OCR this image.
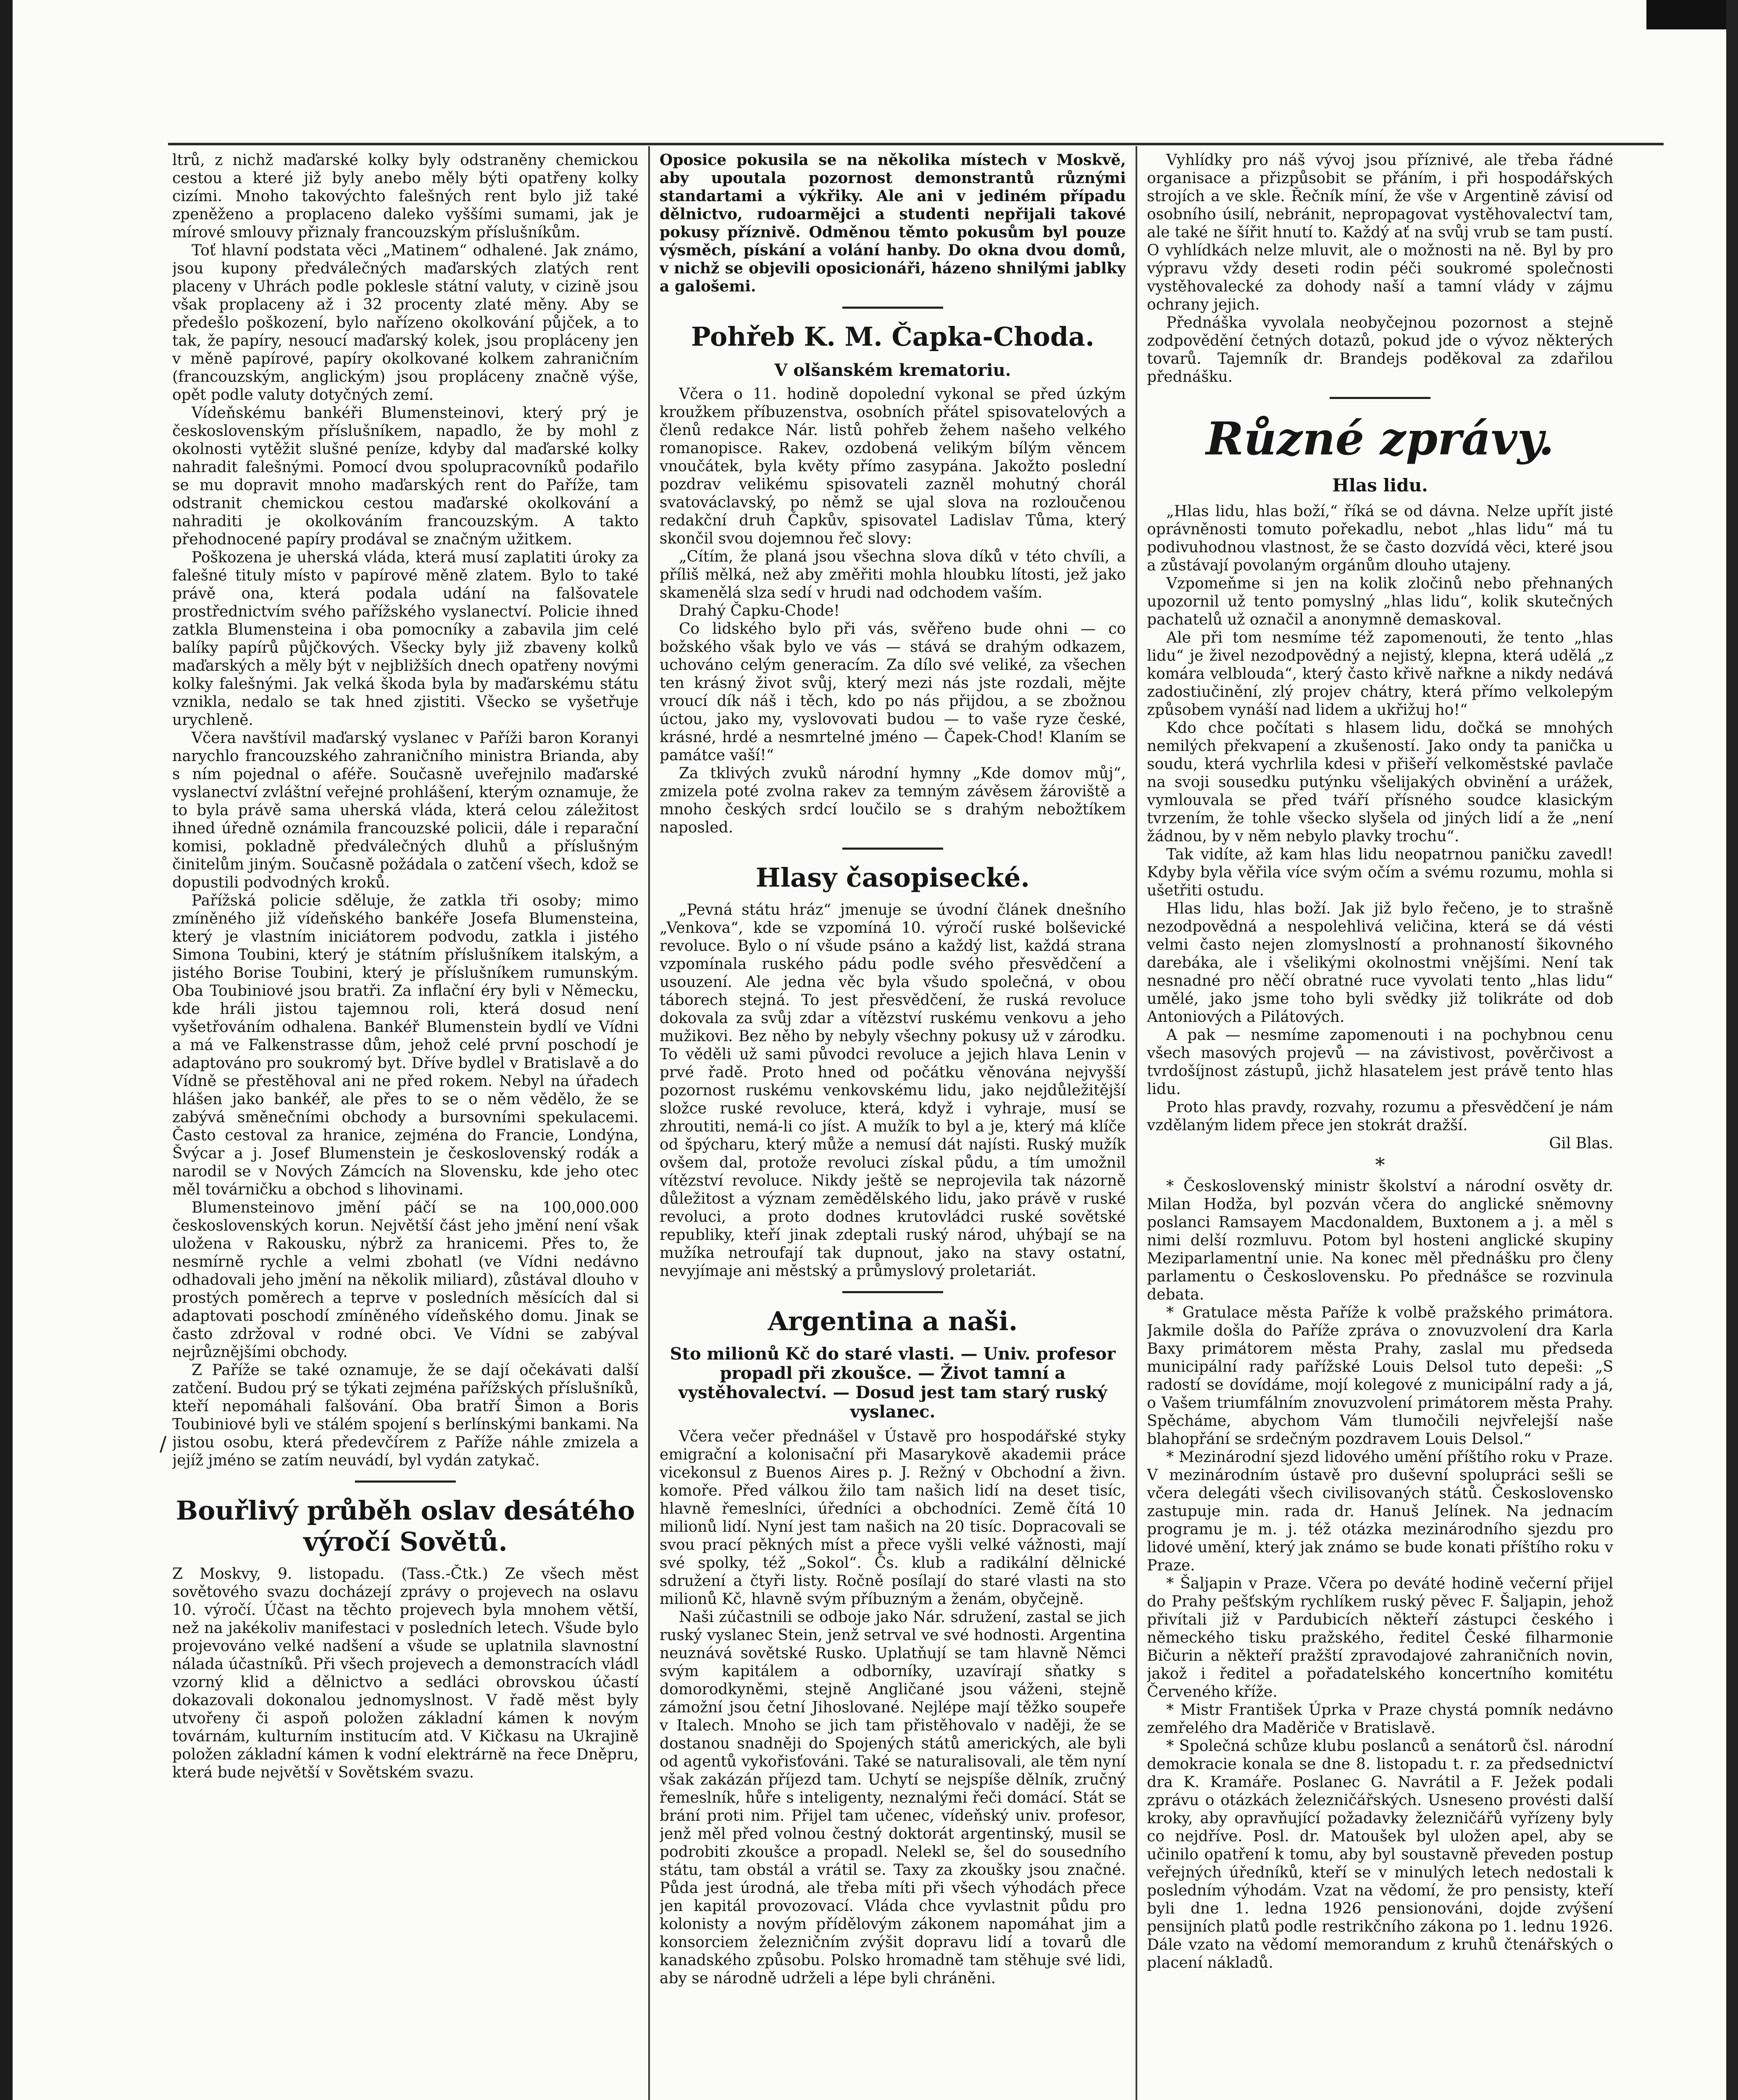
/

ltrů, z nichž maďarské kolky byly odstraněny chemickou cestou a které již byly anebo měly býti opatřeny kolky cizími. Mnoho takovýchto falešných rent bylo již také zpeněženo a proplaceno daleko vyššími sumami, jak je mírové smlouvy přiznaly francouzským příslušníkům.

Toť hlavní podstata věci „Matinem“ odhalené. Jak známo, jsou kupony předválečných maďarských zlatých rent placeny v Uhrách podle poklesle státní valuty, v cizině jsou však proplaceny až i 32 procenty zlaté měny. Aby se předešlo poškození, bylo nařízeno okolkování půjček, a to tak, že papíry, nesoucí maďarský kolek, jsou propláceny jen v měně papírové, papíry okolkované kolkem zahraničním (francouzským, anglickým) jsou propláceny značně výše, opět podle valuty dotyčných zemí.

Vídeňskému bankéři Blumensteinovi, který prý je československým příslušníkem, napadlo, že by mohl z okolnosti vytěžit slušné peníze, kdyby dal maďarské kolky nahradit falešnými. Pomocí dvou spolupracovníků podařilo se mu dopravit mnoho maďarských rent do Paříže, tam odstranit chemickou cestou maďarské okolkování a nahraditi je okolkováním francouzským. A takto přehodnocené papíry prodával se značným užitkem.

Poškozena je uherská vláda, která musí zaplatiti úroky za falešné tituly místo v papírové měně zlatem. Bylo to také právě ona, která podala udání na falšovatele prostřednictvím svého pařížského vyslanectví. Policie ihned zatkla Blumensteina i oba pomocníky a zabavila jim celé balíky papírů půjčkových. Všecky byly již zbaveny kolků maďarských a měly být v nejbližších dnech opatřeny novými kolky falešnými. Jak velká škoda byla by maďarskému státu vznikla, nedalo se tak hned zjistiti. Všecko se vyšetřuje urychleně.

Včera navštívil maďarský vyslanec v Paříži baron Koranyi narychlo francouzského zahraničního ministra Brianda, aby s ním pojednal o aféře. Současně uveřejnilo maďarské vyslanectví zvláštní veřejné prohlášení, kterým oznamuje, že to byla právě sama uherská vláda, která celou záležitost ihned úředně oznámila francouzské policii, dále i reparační komisi, pokladně předválečných dluhů a příslušným činitelům jiným. Současně požádala o zatčení všech, kdož se dopustili podvodných kroků.

Pařížská policie sděluje, že zatkla tři osoby; mimo zmíněného již vídeňského bankéře Josefa Blumensteina, který je vlastním iniciátorem podvodu, zatkla i jistého Simona Toubini, který je státním příslušníkem italským, a jistého Borise Toubini, který je příslušníkem rumunským. Oba Toubiniové jsou bratři. Za inflační éry byli v Německu, kde hráli jistou tajemnou roli, která dosud není vyšetřováním odhalena. Bankéř Blumenstein bydlí ve Vídni a má ve Falkenstrasse dům, jehož celé první poschodí je adaptováno pro soukromý byt. Dříve bydlel v Bratislavě a do Vídně se přestěhoval ani ne před rokem. Nebyl na úřadech hlášen jako bankéř, ale přes to se o něm vědělo, že se zabývá směnečními obchody a bursovními spekulacemi. Často cestoval za hranice, zejména do Francie, Londýna, Švýcar a j. Josef Blumenstein je československý rodák a narodil se v Nových Zámcích na Slovensku, kde jeho otec měl továrničku a obchod s lihovinami.

Blumensteinovo jmění páčí se na 100,000.000 československých korun. Největší část jeho jmění není však uložena v Rakousku, nýbrž za hranicemi. Přes to, že nesmírně rychle a velmi zbohatl (ve Vídni nedávno odhadovali jeho jmění na několik miliard), zůstával dlouho v prostých poměrech a teprve v posledních měsících dal si adaptovati poschodí zmíněného vídeňského domu. Jinak se často zdržoval v rodné obci. Ve Vídni se zabýval nejrůznějšími obchody.

Z Paříže se také oznamuje, že se dají očekávati další zatčení. Budou prý se týkati zejména pařížských příslušníků, kteří nepomáhali falšování. Oba bratří Šimon a Boris Toubiniové byli ve stálém spojení s berlínskými bankami. Na jistou osobu, která předevčírem z Paříže náhle zmizela a jejíž jméno se zatím neuvádí, byl vydán zatykač.

Bouřlivý průběh oslav desátého výročí Sovětů.

Z Moskvy, 9. listopadu. (Tass.-Čtk.) Ze všech měst sovětového svazu docházejí zprávy o projevech na oslavu 10. výročí. Účast na těchto projevech byla mnohem větší, než na jakékoliv manifestaci v posledních letech. Všude bylo projevováno velké nadšení a všude se uplatnila slavnostní nálada účastníků. Při všech projevech a demonstracích vládl vzorný klid a dělnictvo a sedláci obrovskou účastí dokazovali dokonalou jednomyslnost. V řadě měst byly utvořeny či aspoň položen základní kámen k novým továrnám, kulturním institucím atd. V Kičkasu na Ukrajině položen základní kámen k vodní elektrárně na řece Dněpru, která bude největší v Sovětském svazu.

Oposice pokusila se na několika místech v Moskvě, aby upoutala pozornost demonstrantů různými standartami a výkřiky. Ale ani v jediném případu dělnictvo, rudoarmějci a studenti nepřijali takové pokusy příznivě. Odměnou těmto pokusům byl pouze výsměch, pískání a volání hanby. Do okna dvou domů, v nichž se objevili oposicionáři, házeno shnilými jablky a galošemi.

Pohřeb K. M. Čapka-Choda.
V olšanském krematoriu.

Včera o 11. hodině dopolední vykonal se před úzkým kroužkem příbuzenstva, osobních přátel spisovatelových a členů redakce Nár. listů pohřeb žehem našeho velkého romanopisce. Rakev, ozdobená velikým bílým věncem vnoučátek, byla květy přímo zasypána. Jakožto poslední pozdrav velikému spisovateli zazněl mohutný chorál svatováclavský, po němž se ujal slova na rozloučenou redakční druh Čapkův, spisovatel Ladislav Tůma, který skončil svou dojemnou řeč slovy:

„Cítím, že planá jsou všechna slova díků v této chvíli, a příliš mělká, než aby změřiti mohla hloubku lítosti, jež jako skamenělá slza sedí v hrudi nad odchodem vaším.

Drahý Čapku-Chode!

Co lidského bylo při vás, svěřeno bude ohni — co božského však bylo ve vás — stává se drahým odkazem, uchováno celým generacím. Za dílo své veliké, za všechen ten krásný život svůj, který mezi nás jste rozdali, mějte vroucí dík náš i těch, kdo po nás přijdou, a se zbožnou úctou, jako my, vyslovovati budou — to vaše ryze české, krásné, hrdé a nesmrtelné jméno — Čapek-Chod! Klaním se památce vaší!“

Za tklivých zvuků národní hymny „Kde domov můj“, zmizela poté zvolna rakev za temným závěsem žároviště a mnoho českých srdcí loučilo se s drahým nebožtíkem naposled.

Hlasy časopisecké.

„Pevná státu hráz“ jmenuje se úvodní článek dnešního „Venkova“, kde se vzpomíná 10. výročí ruské bolševické revoluce. Bylo o ní všude psáno a každý list, každá strana vzpomínala ruského pádu podle svého přesvědčení a usouzení. Ale jedna věc byla všudo společná, v obou táborech stejná. To jest přesvědčení, že ruská revoluce dokovala za svůj zdar a vítězství ruskému venkovu a jeho mužikovi. Bez něho by nebyly všechny pokusy už v zárodku. To věděli už sami původci revoluce a jejich hlava Lenin v prvé řadě. Proto hned od počátku věnována nejvyšší pozornost ruskému venkovskému lidu, jako nejdůležitější složce ruské revoluce, která, když i vyhraje, musí se zhroutiti, nemá-li co jíst. A mužík to byl a je, který má klíče od špýcharu, který může a nemusí dát najísti. Ruský mužík ovšem dal, protože revoluci získal půdu, a tím umožnil vítězství revoluce. Nikdy ještě se neprojevila tak názorně důležitost a význam zemědělského lidu, jako právě v ruské revoluci, a proto dodnes krutovládci ruské sovětské republiky, kteří jinak zdeptali ruský národ, uhýbají se na mužíka netroufají tak dupnout, jako na stavy ostatní, nevyjímaje ani městský a průmyslový proletariát.

Argentina a naši.
Sto milionů Kč do staré vlasti. — Univ. profesor propadl při zkoušce. — Život tamní a vystěhovalectví. — Dosud jest tam starý ruský vyslanec.

Včera večer přednášel v Ústavě pro hospodářské styky emigrační a kolonisační při Masarykově akademii práce vicekonsul z Buenos Aires p. J. Režný v Obchodní a živn. komoře. Před válkou žilo tam našich lidí na deset tisíc, hlavně řemeslníci, úředníci a obchodníci. Země čítá 10 milionů lidí. Nyní jest tam našich na 20 tisíc. Dopracovali se svou prací pěkných míst a přece vyšli velké vážnosti, mají své spolky, též „Sokol“. Čs. klub a radikální dělnické sdružení a čtyři listy. Ročně posílají do staré vlasti na sto milionů Kč, hlavně svým příbuzným a ženám, obyčejně.

Naši zúčastnili se odboje jako Nár. sdružení, zastal se jich ruský vyslanec Stein, jenž setrval ve své hodnosti. Argentina neuznává sovětské Rusko. Uplatňují se tam hlavně Němci svým kapitálem a odborníky, uzavírají sňatky s domorodkyněmi, stejně Angličané jsou váženi, stejně zámožní jsou četní Jihoslované. Nejlépe mají těžko soupeře v Italech. Mnoho se jich tam přistěhovalo v naději, že se dostanou snadněji do Spojených států amerických, ale byli od agentů vykořisťováni. Také se naturalisovali, ale těm nyní však zakázán příjezd tam. Uchytí se nejspíše dělník, zručný řemeslník, hůře s inteligenty, neznalými řeči domácí. Stát se brání proti nim. Přijel tam učenec, vídeňský univ. profesor, jenž měl před volnou čestný doktorát argentinský, musil se podrobiti zkoušce a propadl. Nelekl se, šel do sousedního státu, tam obstál a vrátil se. Taxy za zkoušky jsou značné. Půda jest úrodná, ale třeba míti při všech výhodách přece jen kapitál provozovací. Vláda chce vyvlastnit půdu pro kolonisty a novým přídělovým zákonem napomáhat jim a konsorciem železničním zvýšit dopravu lidí a tovarů dle kanadského způsobu. Polsko hromadně tam stěhuje své lidi, aby se národně udrželi a lépe byli chráněni.

Vyhlídky pro náš vývoj jsou příznivé, ale třeba řádné organisace a přizpůsobit se přáním, i při hospodářských strojích a ve skle. Řečník míní, že vše v Argentině závisí od osobního úsilí, nebránit, nepropagovat vystěhovalectví tam, ale také ne šířit hnutí to. Každý ať na svůj vrub se tam pustí. O vyhlídkách nelze mluvit, ale o možnosti na ně. Byl by pro výpravu vždy deseti rodin péči soukromé společnosti vystěhovalecké za dohody naší a tamní vlády v zájmu ochrany jejich.

Přednáška vyvolala neobyčejnou pozornost a stejně zodpovědění četných dotazů, pokud jde o vývoz některých tovarů. Tajemník dr. Brandejs poděkoval za zdařilou přednášku.

Různé zprávy.
Hlas lidu.

„Hlas lidu, hlas boží,“ říká se od dávna. Nelze upřít jisté oprávněnosti tomuto pořekadlu, nebot „hlas lidu“ má tu podivuhodnou vlastnost, že se často dozvídá věci, které jsou a zůstávají povolaným orgánům dlouho utajeny.

Vzpomeňme si jen na kolik zločinů nebo přehnaných upozornil už tento pomyslný „hlas lidu“, kolik skutečných pachatelů už označil a anonymně demaskoval.

Ale při tom nesmíme též zapomenouti, že tento „hlas lidu“ je živel nezodpovědný a nejistý, klepna, která udělá „z komára velblouda“, který často křivě nařkne a nikdy nedává zadostiučinění, zlý projev chátry, která přímo velkolepým způsobem vynáší nad lidem a ukřižuj ho!“

Kdo chce počítati s hlasem lidu, dočká se mnohých nemilých překvapení a zkušeností. Jako ondy ta panička u soudu, která vychrlila kdesi v přišeří velkoměstské pavlače na svoji sousedku putýnku všelijakých obvinění a urážek, vymlouvala se před tváří přísného soudce klasickým tvrzením, že tohle všecko slyšela od jiných lidí a že „není žádnou, by v něm nebylo plavky trochu“.

Tak vidíte, až kam hlas lidu neopatrnou paničku zavedl! Kdyby byla věřila více svým očím a svému rozumu, mohla si ušetřiti ostudu.

Hlas lidu, hlas boží. Jak již bylo řečeno, je to strašně nezodpovědná a nespolehlivá veličina, která se dá vésti velmi často nejen zlomyslností a prohnaností šikovného darebáka, ale i všelikými okolnostmi vnějšími. Není tak nesnadné pro něčí obratné ruce vyvolati tento „hlas lidu“ umělé, jako jsme toho byli svědky již tolikráte od dob Antoniových a Pilátových.

A pak — nesmíme zapomenouti i na pochybnou cenu všech masových projevů — na závistivost, pověrčivost a tvrdošíjnost zástupů, jichž hlasatelem jest právě tento hlas lidu.

Proto hlas pravdy, rozvahy, rozumu a přesvědčení je nám vzdělaným lidem přece jen stokrát dražší.

Gil Blas.
*

* Československý ministr školství a národní osvěty dr. Milan Hodža, byl pozván včera do anglické sněmovny poslanci Ramsayem Macdonaldem, Buxtonem a j. a měl s nimi delší rozmluvu. Potom byl hosteni anglické skupiny Meziparlamentní unie. Na konec měl přednášku pro členy parlamentu o Československu. Po přednášce se rozvinula debata.

* Gratulace města Paříže k volbě pražského primátora. Jakmile došla do Paříže zpráva o znovuzvolení dra Karla Baxy primátorem města Prahy, zaslal mu předseda municipální rady pařížské Louis Delsol tuto depeši: „S radostí se dovídáme, mojí kolegové z municipální rady a já, o Vašem triumfálním znovuzvolení primátorem města Prahy. Spěcháme, abychom Vám tlumočili nejvřelejší naše blahopřání se srdečným pozdravem Louis Delsol.“

* Mezinárodní sjezd lidového umění příštího roku v Praze. V mezinárodním ústavě pro duševní spolupráci sešli se včera delegáti všech civilisovaných států. Československo zastupuje min. rada dr. Hanuš Jelínek. Na jednacím programu je m. j. též otázka mezinárodního sjezdu pro lidové umění, který jak známo se bude konati příštího roku v Praze.

* Šaljapin v Praze. Včera po deváté hodině večerní přijel do Prahy pešťským rychlíkem ruský pěvec F. Šaljapin, jehož přivítali již v Pardubicích někteří zástupci českého i německého tisku pražského, ředitel České filharmonie Bičurin a někteří pražští zpravodajové zahraničních novin, jakož i ředitel a pořadatelského koncertního komitétu Červeného kříže.

* Mistr František Úprka v Praze chystá pomník nedávno zemřelého dra Maděriče v Bratislavě.

* Společná schůze klubu poslanců a senátorů čsl. národní demokracie konala se dne 8. listopadu t. r. za předsednictví dra K. Kramáře. Poslanec G. Navrátil a F. Ježek podali zprávu o otázkách železničářských. Usneseno provésti další kroky, aby opravňující požadavky železničářů vyřízeny byly co nejdříve. Posl. dr. Matoušek byl uložen apel, aby se učinilo opatření k tomu, aby byl soustavně převeden postup veřejných úředníků, kteří se v minulých letech nedostali k posledním výhodám. Vzat na vědomí, že pro pensisty, kteří byli dne 1. ledna 1926 pensionováni, dojde zvýšení pensijních platů podle restrikčního zákona po 1. lednu 1926. Dále vzato na vědomí memorandum z kruhů čtenářských o placení nákladů.
